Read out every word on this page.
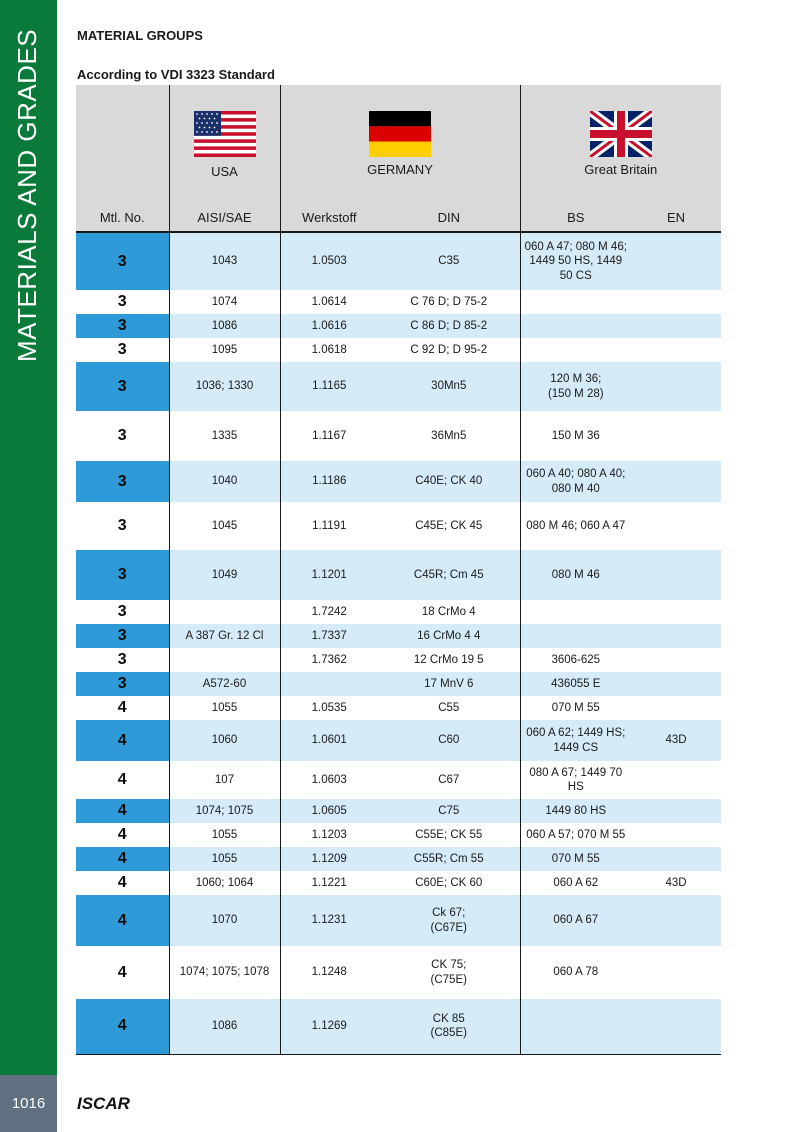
MATERIALS AND GRADES
1016	ISCAR
MATERIAL GROUPS
According to VDI 3323 Standard

	USA	GERMANY		Great Britain	

Mtl. No.	AISI/SAE	Werkstoff	DIN	BS	EN
3	1043	1.0503	C35	060 A 47; 080 M 46; 1449 50 HS, 1449 50 CS	
3	1074	1.0614	C 76 D; D 75-2		
3	1086	1.0616	C 86 D; D 85-2		
3	1095	1.0618	C 92 D; D 95-2		
3	1036; 1330	1.1165	30Mn5	120 M 36;
(150 M 28)	
3	1335	1.1167	36Mn5	150 M 36	
3	1040	1.1186	C40E; CK 40	060 A 40; 080 A 40; 080 M 40	
3	1045	1.1191	C45E; CK 45	080 M 46; 060 A 47	
3	1049	1.1201	C45R; Cm 45	080 M 46	
3		1.7242	18 CrMo 4		
3	A 387 Gr. 12 Cl	1.7337	16 CrMo 4 4		
3		1.7362	12 CrMo 19 5	3606-625	
3	A572-60		17 MnV 6	436055 E	
4	1055	1.0535	C55	070 M 55	
4	1060	1.0601	C60	060 A 62; 1449 HS; 1449 CS	43D
4	107	1.0603	C67	080 A 67; 1449 70 HS	
4	1074; 1075	1.0605	C75	1449 80 HS	
4	1055	1.1203	C55E; CK 55	060 A 57; 070 M 55	
4	1055	1.1209	C55R; Cm 55	070 M 55	
4	1060; 1064	1.1221	C60E; CK 60	060 A 62	43D
4	1070	1.1231	Ck 67;
(C67E)	060 A 67	
4	1074; 1075; 1078	1.1248	CK 75;
(C75E)	060 A 78	
4	1086	1.1269	CK 85
(C85E)		
